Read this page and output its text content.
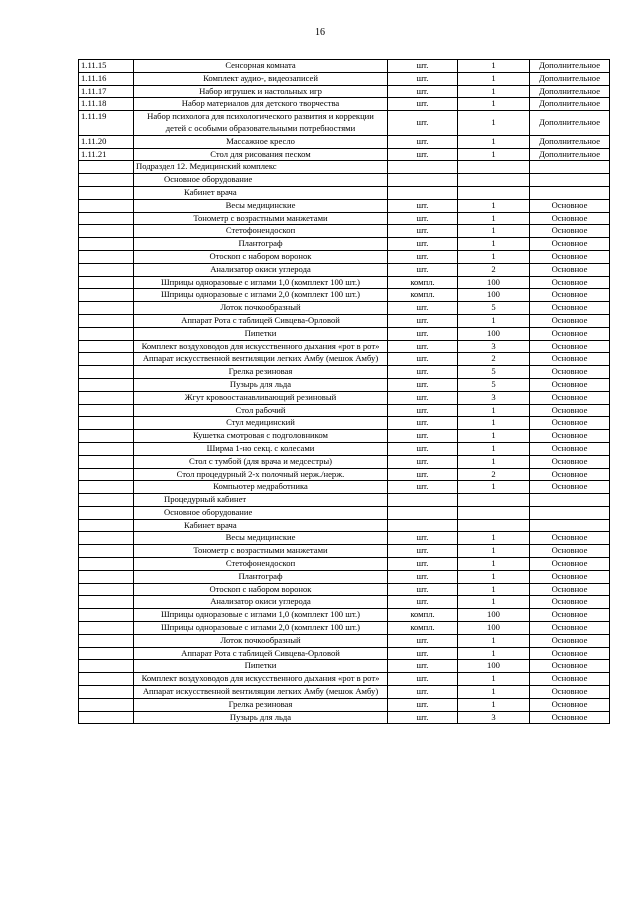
16
1.11.15	Сенсорная комната	шт.	1	Дополнительное
1.11.16	Комплект аудио-, видеозаписей	шт.	1	Дополнительное
1.11.17	Набор игрушек и настольных игр	шт.	1	Дополнительное
1.11.18	Набор материалов для детского творчества	шт.	1	Дополнительное
1.11.19	Набор психолога для психологического развития и коррекции детей с особыми образовательными потребностями	шт.	1	Дополнительное
1.11.20	Массажное кресло	шт.	1	Дополнительное
1.11.21	Стол для рисования песком	шт.	1	Дополнительное
	Подраздел 12. Медицинский комплекс			
	Основное оборудование			
	Кабинет врача			
	Весы медицинские	шт.	1	Основное
	Тонометр с возрастными манжетами	шт.	1	Основное
	Стетофонендоскоп	шт.	1	Основное
	Плантограф	шт.	1	Основное
	Отоскоп с набором воронок	шт.	1	Основное
	Анализатор окиси углерода	шт.	2	Основное
	Шприцы одноразовые с иглами 1,0 (комплект 100 шт.)	компл.	100	Основное
	Шприцы одноразовые с иглами 2,0 (комплект 100 шт.)	компл.	100	Основное
	Лоток почкообразный	шт.	5	Основное
	Аппарат Рота с таблицей Сивцева-Орловой	шт.	1	Основное
	Пипетки	шт.	100	Основное
	Комплект воздуховодов для искусственного дыхания «рот в рот»	шт.	3	Основное
	Аппарат искусственной вентиляции легких Амбу (мешок Амбу)	шт.	2	Основное
	Грелка резиновая	шт.	5	Основное
	Пузырь для льда	шт.	5	Основное
	Жгут кровоостанавливающий резиновый	шт.	3	Основное
	Стол рабочий	шт.	1	Основное
	Стул медицинский	шт.	1	Основное
	Кушетка смотровая с подголовником	шт.	1	Основное
	Ширма 1-но секц. с колесами	шт.	1	Основное
	Стол с тумбой (для врача и медсестры)	шт.	1	Основное
	Стол процедурный 2-х полочный нерж./нерж.	шт.	2	Основное
	Компьютер медработника	шт.	1	Основное
	Процедурный кабинет			
	Основное оборудование			
	Кабинет врача			
	Весы медицинские	шт.	1	Основное
	Тонометр с возрастными манжетами	шт.	1	Основное
	Стетофонендоскоп	шт.	1	Основное
	Плантограф	шт.	1	Основное
	Отоскоп с набором воронок	шт.	1	Основное
	Анализатор окиси углерода	шт.	1	Основное
	Шприцы одноразовые с иглами 1,0 (комплект 100 шт.)	компл.	100	Основное
	Шприцы одноразовые с иглами 2,0 (комплект 100 шт.)	компл.	100	Основное
	Лоток почкообразный	шт.	1	Основное
	Аппарат Рота с таблицей Сивцева-Орловой	шт.	1	Основное
	Пипетки	шт.	100	Основное
	Комплект воздуховодов для искусственного дыхания «рот в рот»	шт.	1	Основное
	Аппарат искусственной вентиляции легких Амбу (мешок Амбу)	шт.	1	Основное
	Грелка резиновая	шт.	1	Основное
	Пузырь для льда	шт.	3	Основное
